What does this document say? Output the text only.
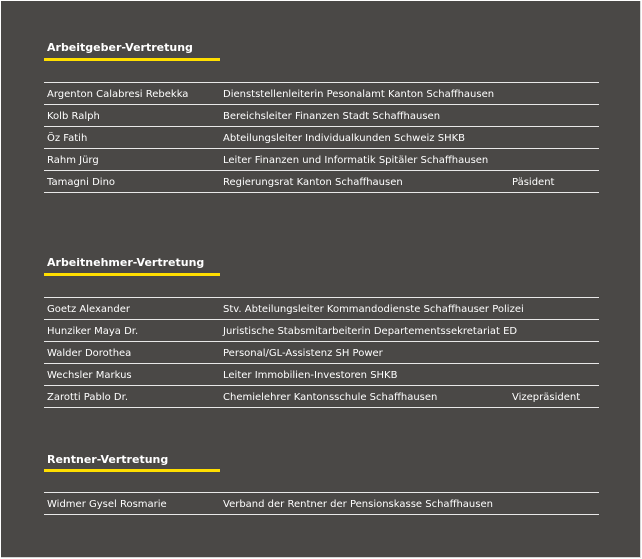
Arbeitgeber-Vertretung
Argenton Calabresi Rebekka	Dienststellenleiterin Pesonalamt Kanton Schaffhausen
Kolb Ralph	Bereichsleiter Finanzen Stadt Schaffhausen
Öz Fatih	Abteilungsleiter Individualkunden Schweiz SHKB
Rahm Jürg	Leiter Finanzen und Informatik Spitäler Schaffhausen
Tamagni Dino	Regierungsrat Kanton Schaffhausen	Päsident
Arbeitnehmer-Vertretung
Goetz Alexander	Stv. Abteilungsleiter Kommandodienste Schaffhauser Polizei
Hunziker Maya Dr.	Juristische Stabsmitarbeiterin Departementssekretariat ED
Walder Dorothea	Personal/GL-Assistenz SH Power
Wechsler Markus	Leiter Immobilien-Investoren SHKB
Zarotti Pablo Dr.	Chemielehrer Kantonsschule Schaffhausen	Vizepräsident
Rentner-Vertretung
Widmer Gysel Rosmarie	Verband der Rentner der Pensionskasse Schaffhausen
